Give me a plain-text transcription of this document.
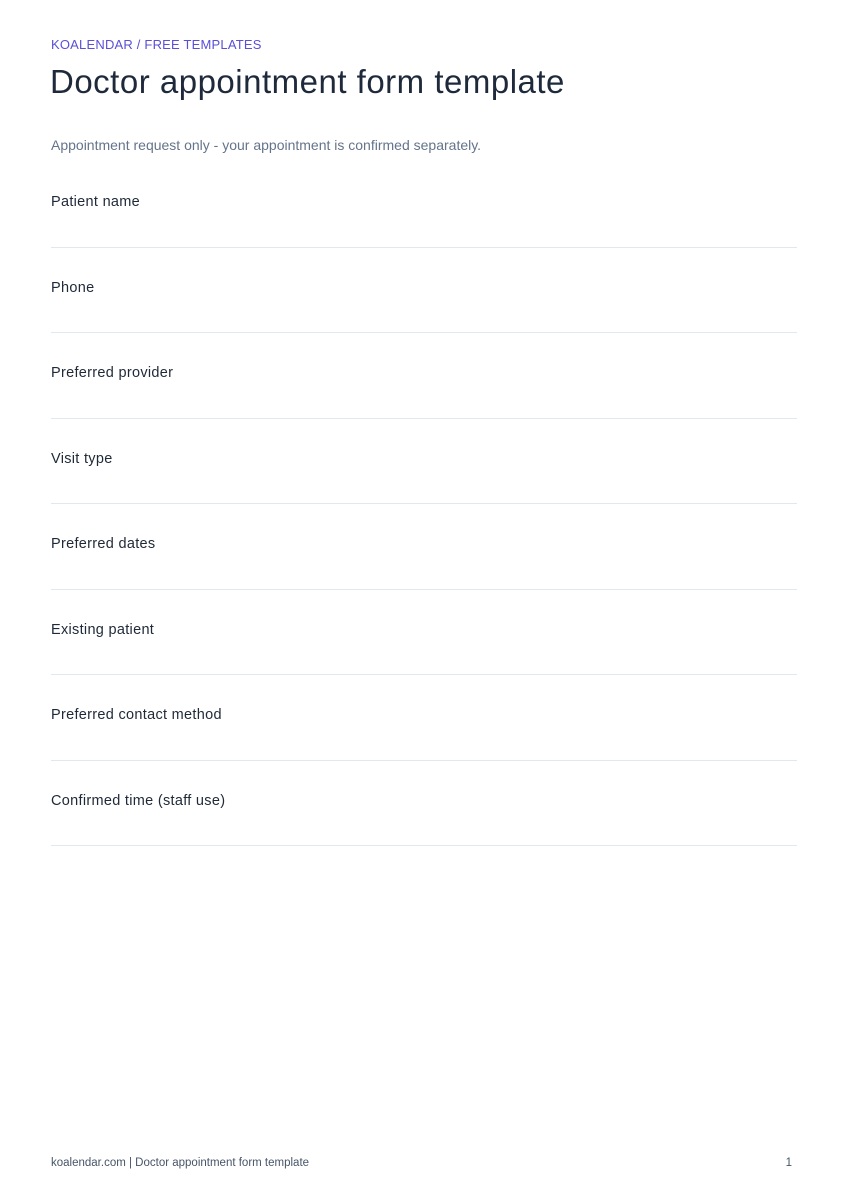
KOALENDAR / FREE TEMPLATES

Doctor appointment form template

Appointment request only - your appointment is confirmed separately.

Patient name
Phone
Preferred provider
Visit type
Preferred dates
Existing patient
Preferred contact method
Confirmed time (staff use)
koalendar.com | Doctor appointment form template	1
